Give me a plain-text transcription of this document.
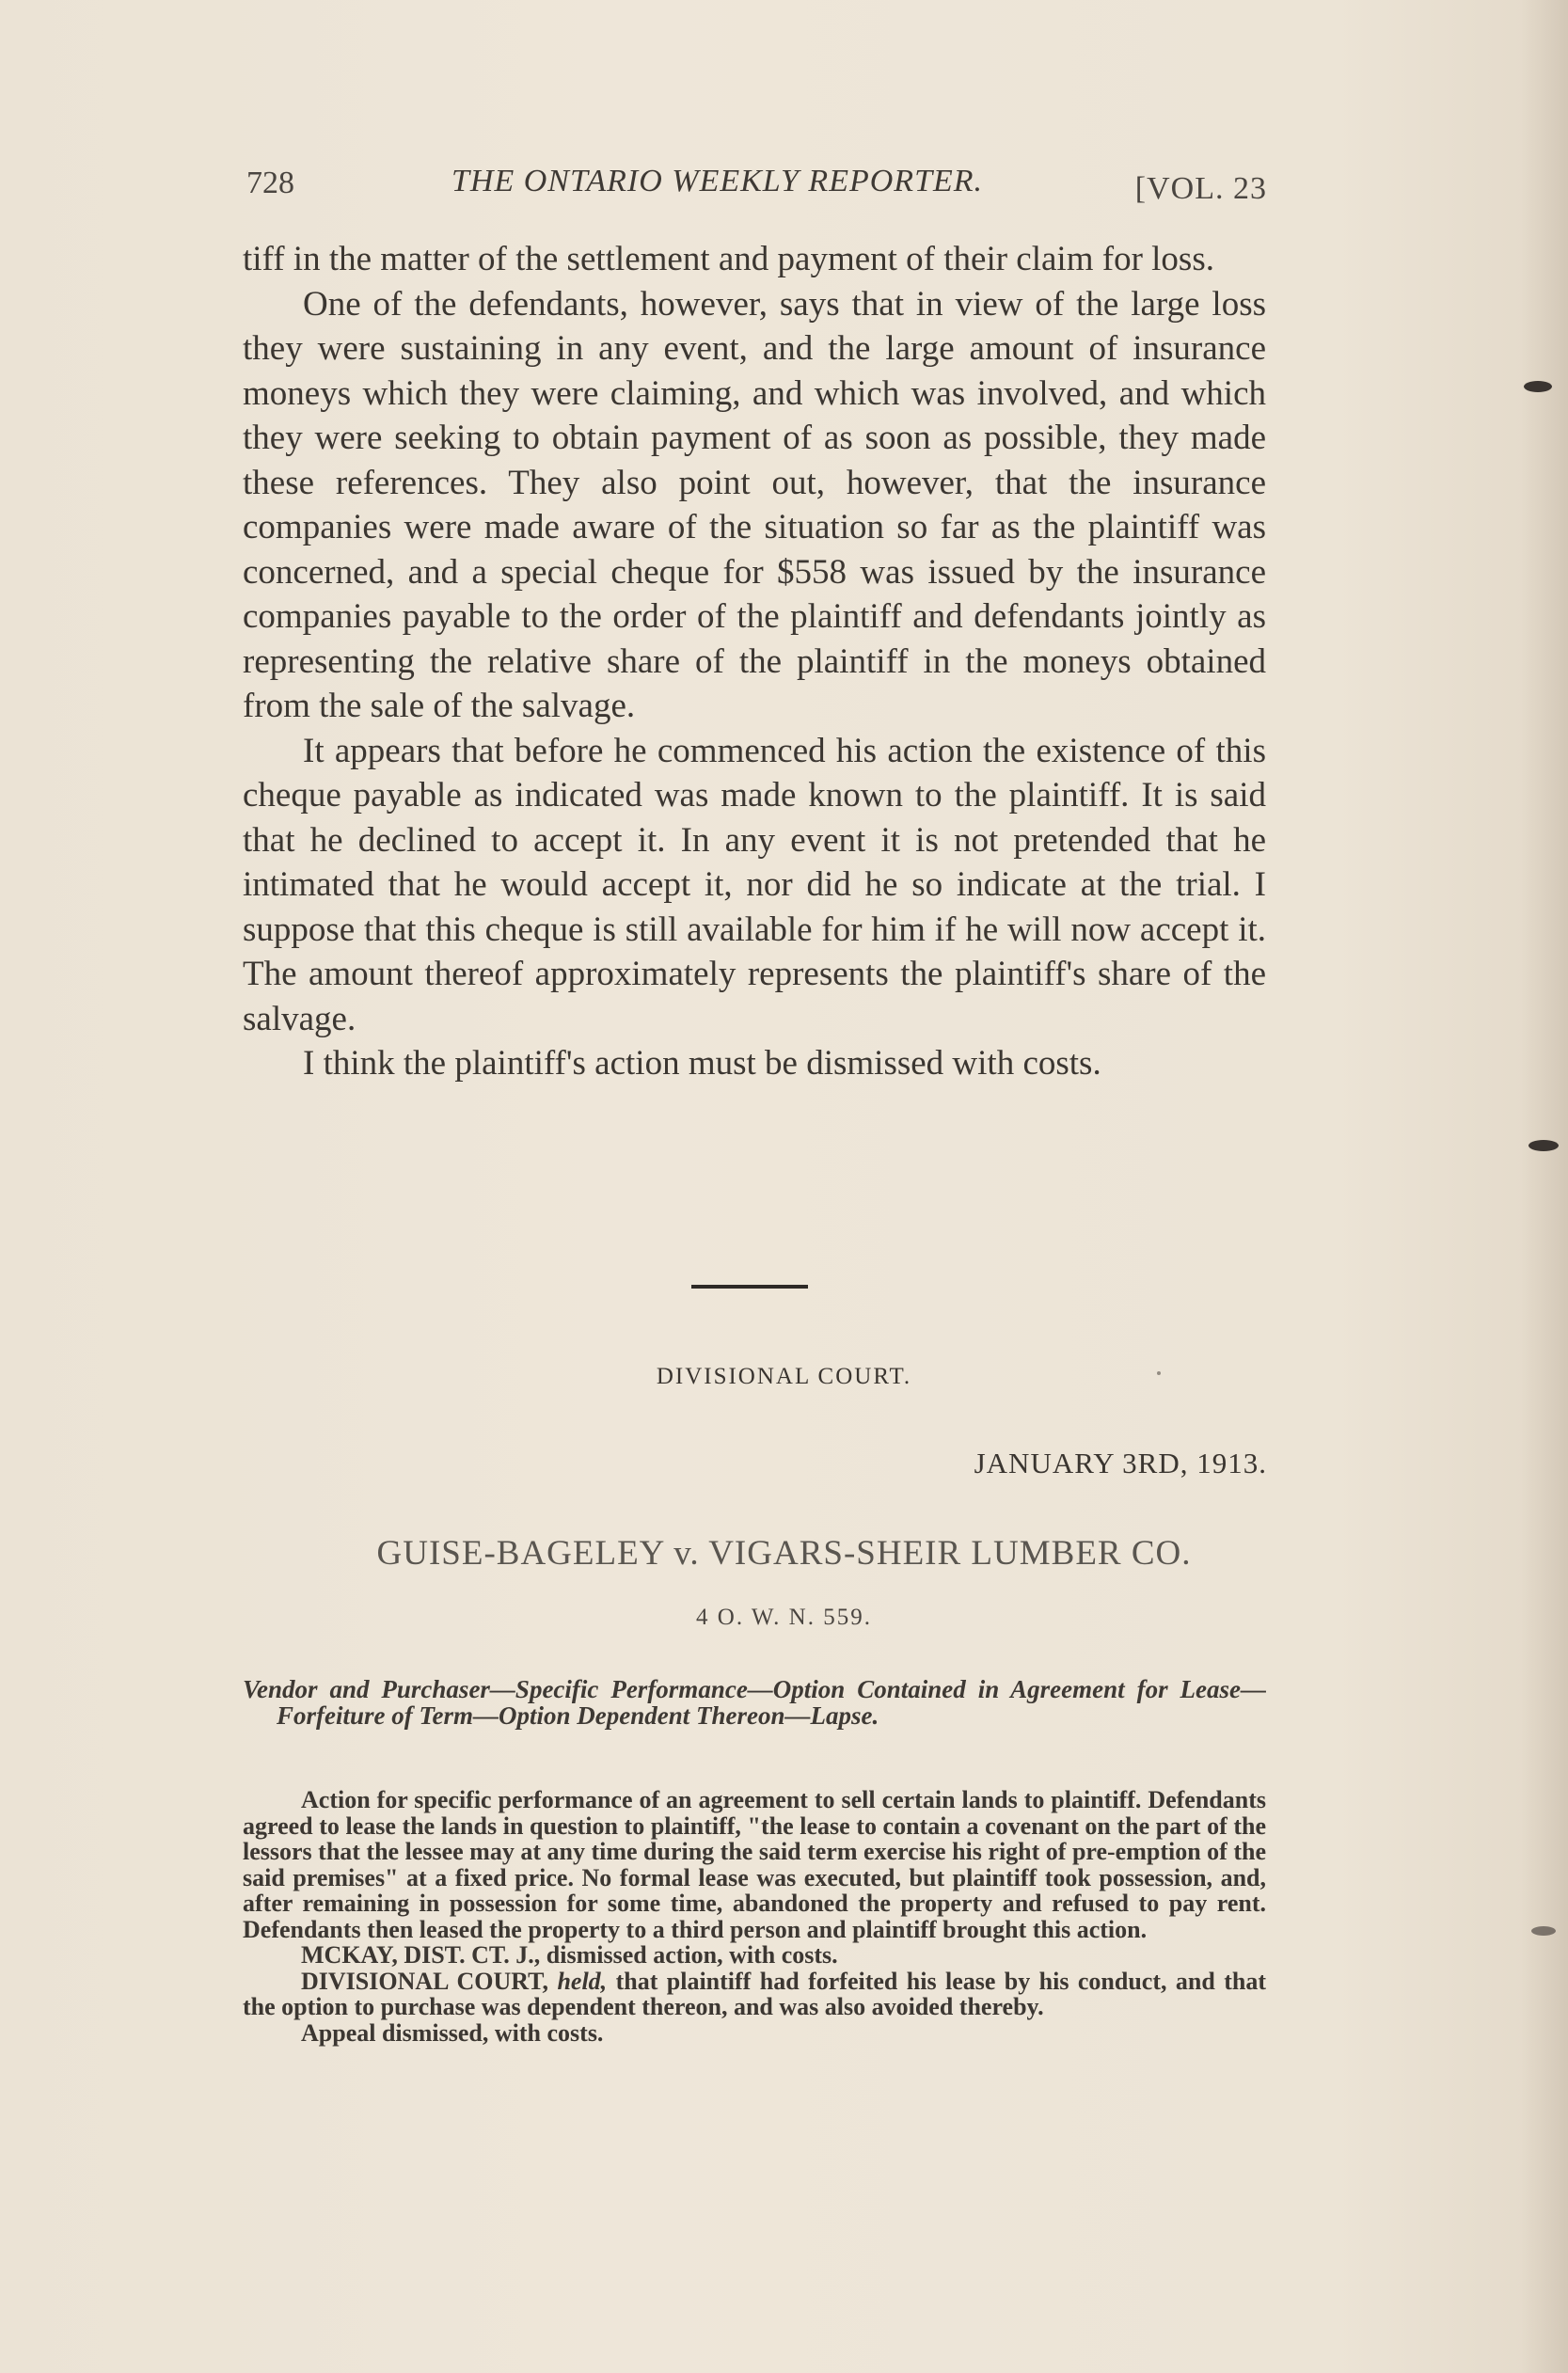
728	THE ONTARIO WEEKLY REPORTER.	[VOL. 23

tiff in the matter of the settlement and payment of their claim for loss.

One of the defendants, however, says that in view of the large loss they were sustaining in any event, and the large amount of insurance moneys which they were claiming, and which was involved, and which they were seeking to obtain payment of as soon as possible, they made these references. They also point out, however, that the insurance companies were made aware of the situation so far as the plaintiff was concerned, and a special cheque for $558 was issued by the insurance companies payable to the order of the plaintiff and defendants jointly as representing the relative share of the plaintiff in the moneys obtained from the sale of the salvage.

It appears that before he commenced his action the existence of this cheque payable as indicated was made known to the plaintiff. It is said that he declined to accept it. In any event it is not pretended that he intimated that he would accept it, nor did he so indicate at the trial. I suppose that this cheque is still available for him if he will now accept it. The amount thereof approximately represents the plaintiff's share of the salvage.

I think the plaintiff's action must be dismissed with costs.

DIVISIONAL COURT.
JANUARY 3RD, 1913.
GUISE-BAGELEY v. VIGARS-SHEIR LUMBER CO.
4 O. W. N. 559.
Vendor and Purchaser—Specific Performance—Option Contained in Agreement for Lease—Forfeiture of Term—Option Dependent Thereon—Lapse.

Action for specific performance of an agreement to sell certain lands to plaintiff. Defendants agreed to lease the lands in question to plaintiff, "the lease to contain a covenant on the part of the lessors that the lessee may at any time during the said term exercise his right of pre-emption of the said premises" at a fixed price. No formal lease was executed, but plaintiff took possession, and, after remaining in possession for some time, abandoned the property and refused to pay rent. Defendants then leased the property to a third person and plaintiff brought this action.

MCKAY, DIST. CT. J., dismissed action, with costs.

DIVISIONAL COURT, held, that plaintiff had forfeited his lease by his conduct, and that the option to purchase was dependent thereon, and was also avoided thereby.

Appeal dismissed, with costs.
